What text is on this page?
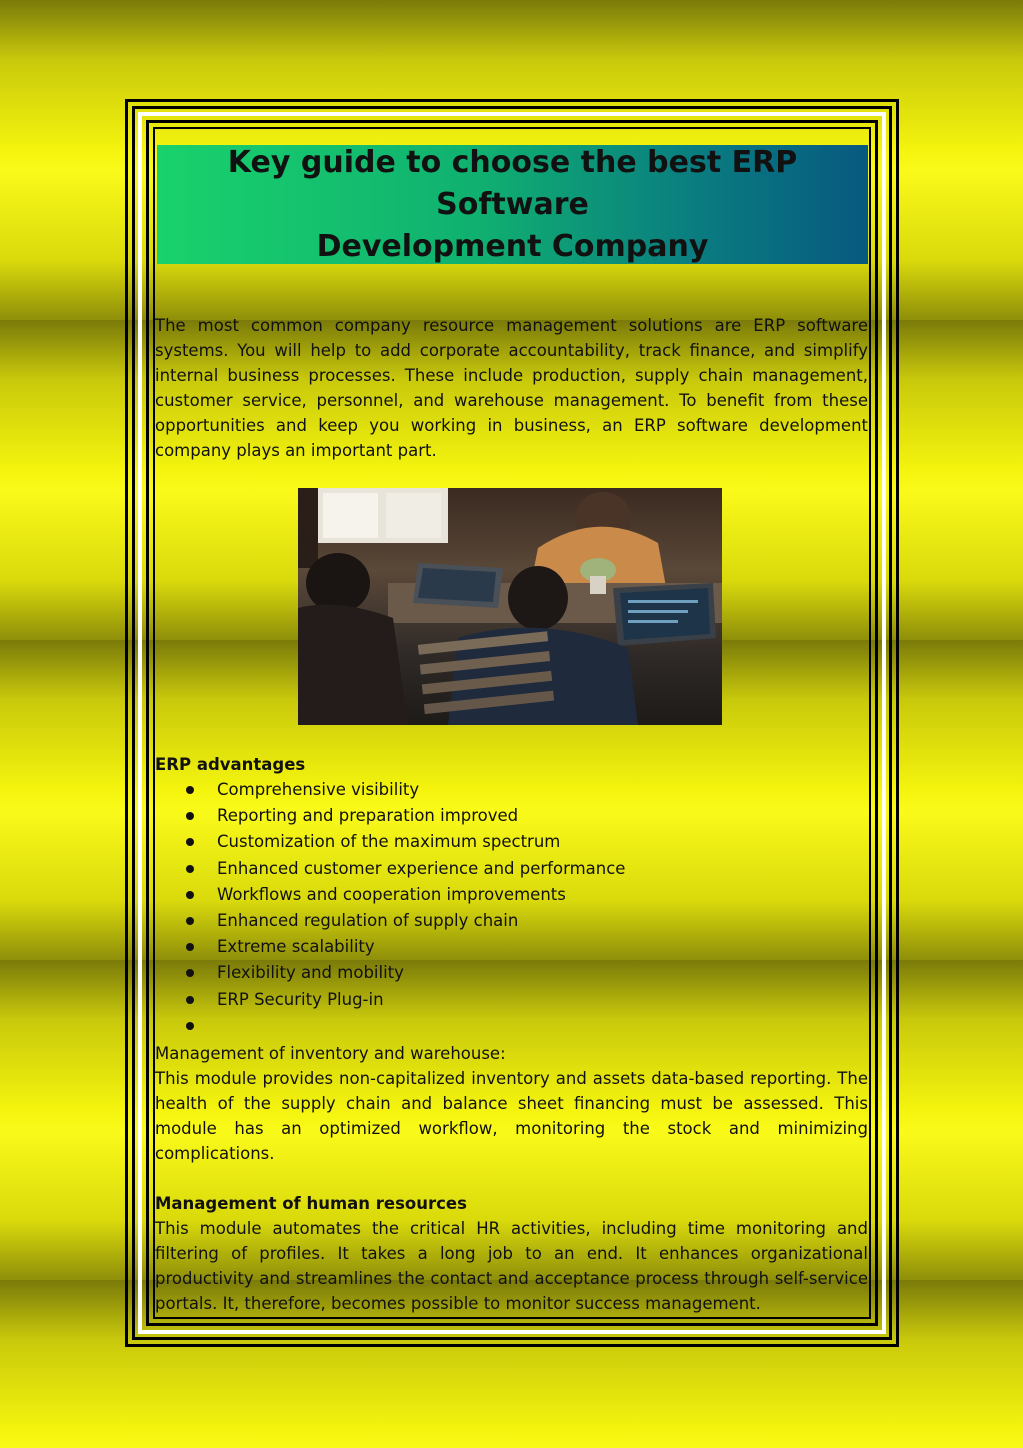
Key guide to choose the best ERP Software
Development Company

The most common company resource management solutions are ERP software systems. You will help to add corporate accountability, track finance, and simplify internal business processes. These include production, supply chain management, customer service, personnel, and warehouse management. To benefit from these opportunities and keep you working in business, an ERP software development company plays an important part.

ERP advantages

Comprehensive visibility
Reporting and preparation improved
Customization of the maximum spectrum
Enhanced customer experience and performance
Workflows and cooperation improvements
Enhanced regulation of supply chain
Extreme scalability
Flexibility and mobility
ERP Security Plug-in

Management of inventory and warehouse:

This module provides non-capitalized inventory and assets data-based reporting. The health of the supply chain and balance sheet financing must be assessed. This module has an optimized workflow, monitoring the stock and minimizing complications.

Management of human resources

This module automates the critical HR activities, including time monitoring and filtering of profiles. It takes a long job to an end. It enhances organizational productivity and streamlines the contact and acceptance process through self-service portals. It, therefore, becomes possible to monitor success management.
